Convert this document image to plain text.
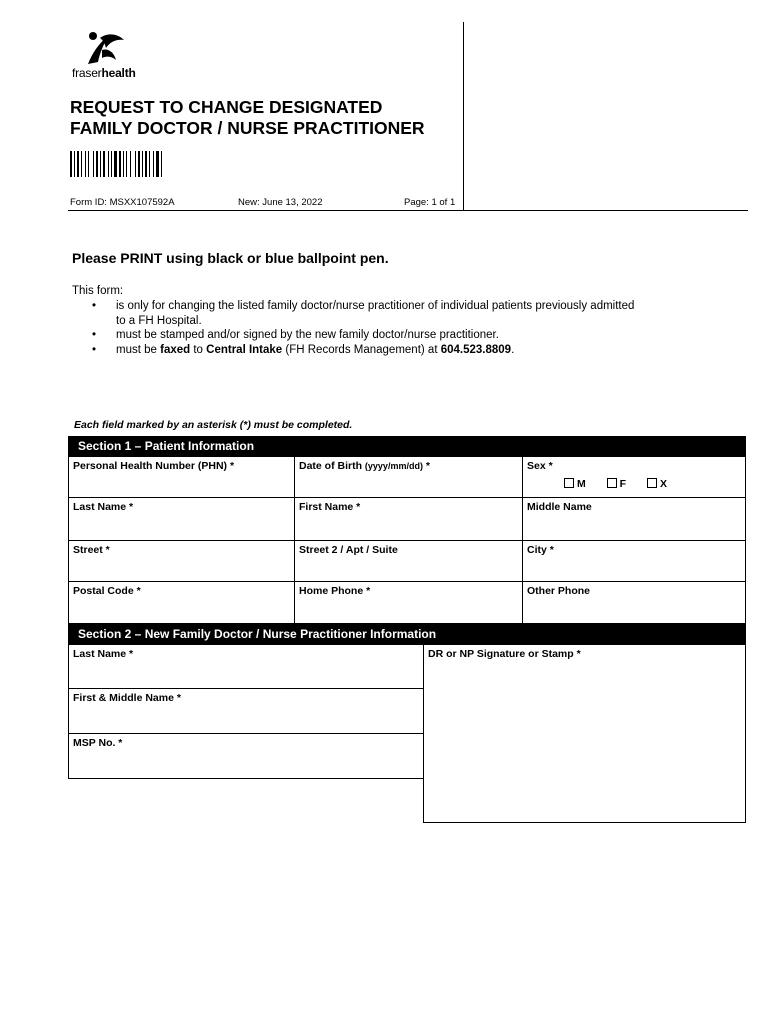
fraserhealth
REQUEST TO CHANGE DESIGNATED
FAMILY DOCTOR / NURSE PRACTITIONER
Form ID: MSXX107592A	New: June 13, 2022	Page: 1 of 1
Please PRINT using black or blue ballpoint pen.
This form:
• is only for changing the listed family doctor/nurse practitioner of individual patients previously admitted
to a FH Hospital.
• must be stamped and/or signed by the new family doctor/nurse practitioner.
• must be faxed to Central Intake (FH Records Management) at 604.523.8809.
Each field marked by an asterisk (*) must be completed.
Section 1 – Patient Information
Personal Health Number (PHN) *	Date of Birth (yyyy/mm/dd) *	Sex *
M	F	X
Last Name *	First Name *	Middle Name
Street *	Street 2 / Apt / Suite	City *
Postal Code *	Home Phone *	Other Phone
Section 2 – New Family Doctor / Nurse Practitioner Information
Last Name *
First & Middle Name *
MSP No. *
DR or NP Signature or Stamp *
